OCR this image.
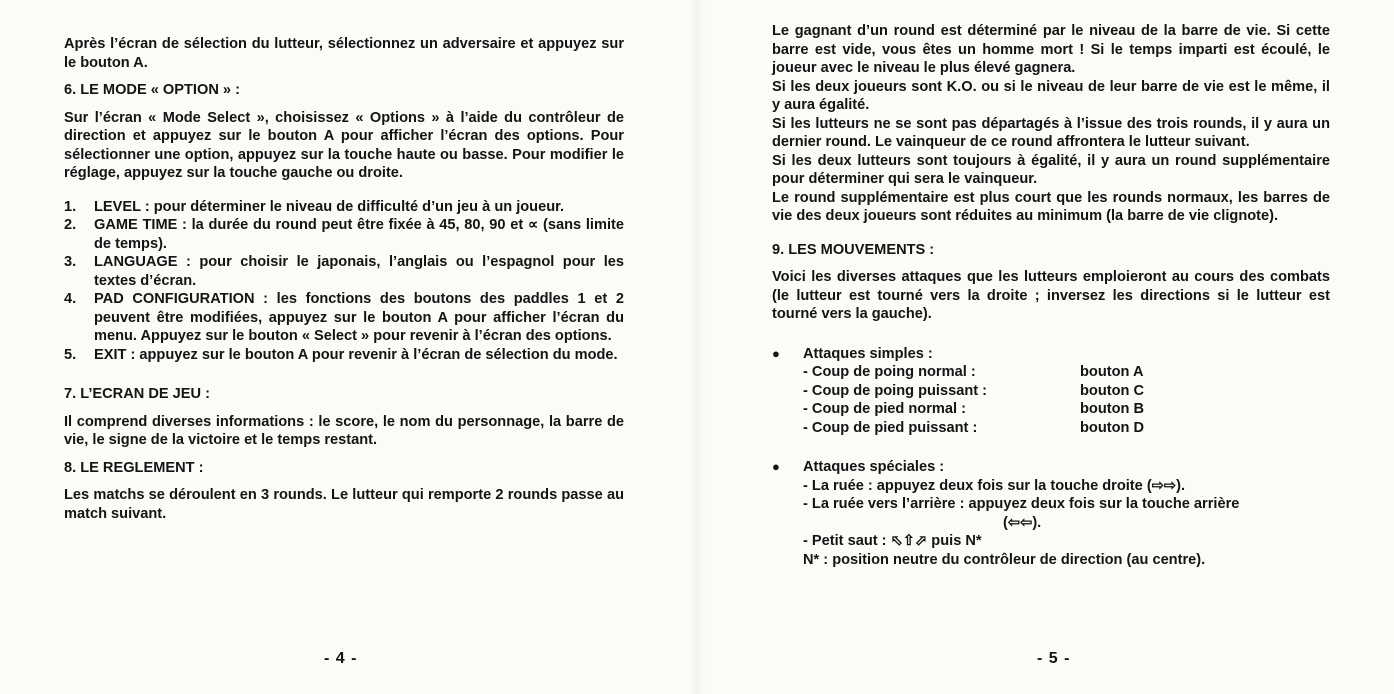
Après l’écran de sélection du lutteur, sélectionnez un adversaire et appuyez sur le bouton A.

6. LE MODE « OPTION » :

Sur l’écran « Mode Select », choisissez « Options » à l’aide du contrôleur de direction et appuyez sur le bouton A pour afficher l’écran des options. Pour sélectionner une option, appuyez sur la touche haute ou basse. Pour modifier le réglage, appuyez sur la touche gauche ou droite.

1. LEVEL : pour déterminer le niveau de difficulté d’un jeu à un joueur.
2. GAME TIME : la durée du round peut être fixée à 45, 80, 90 et ∝ (sans limite de temps).
3. LANGUAGE : pour choisir le japonais, l’anglais ou l’espagnol pour les textes d’écran.
4. PAD CONFIGURATION : les fonctions des boutons des paddles 1 et 2 peuvent être modifiées, appuyez sur le bouton A pour afficher l’écran du menu. Appuyez sur le bouton « Select » pour revenir à l’écran des options.
5. EXIT : appuyez sur le bouton A pour revenir à l’écran de sélection du mode.

7. L’ECRAN DE JEU :

Il comprend diverses informations : le score, le nom du personnage, la barre de vie, le signe de la victoire et le temps restant.

8. LE REGLEMENT :

Les matchs se déroulent en 3 rounds. Le lutteur qui remporte 2 rounds passe au match suivant.

- 4 -

Le gagnant d’un round est déterminé par le niveau de la barre de vie. Si cette barre est vide, vous êtes un homme mort ! Si le temps imparti est écoulé, le joueur avec le niveau le plus élevé gagnera.

Si les deux joueurs sont K.O. ou si le niveau de leur barre de vie est le même, il y aura égalité.

Si les lutteurs ne se sont pas départagés à l’issue des trois rounds, il y aura un dernier round. Le vainqueur de ce round affrontera le lutteur suivant.

Si les deux lutteurs sont toujours à égalité, il y aura un round supplémentaire pour déterminer qui sera le vainqueur.

Le round supplémentaire est plus court que les rounds normaux, les barres de vie des deux joueurs sont réduites au minimum (la barre de vie clignote).

9. LES MOUVEMENTS :

Voici les diverses attaques que les lutteurs emploieront au cours des combats (le lutteur est tourné vers la droite ; inversez les directions si le lutteur est tourné vers la gauche).

● Attaques simples :
- Coup de poing normal :	bouton A
- Coup de poing puissant :	bouton C
- Coup de pied normal :	bouton B
- Coup de pied puissant :	bouton D
● Attaques spéciales :
- La ruée : appuyez deux fois sur la touche droite (⇨⇨).
- La ruée vers l’arrière : appuyez deux fois sur la touche arrière
(⇦⇦).
- Petit saut : ⬁⇧⬀ puis N*
N* : position neutre du contrôleur de direction (au centre).
- 5 -
